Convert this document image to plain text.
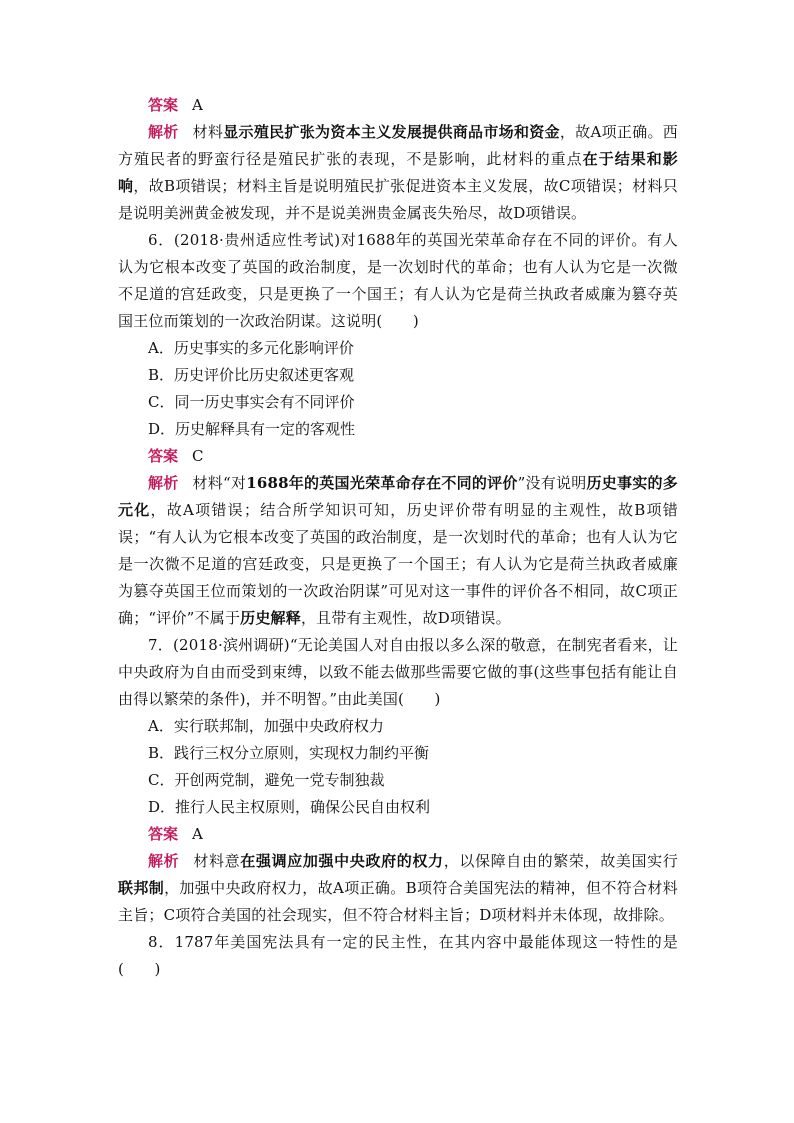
答案 A

解析 材料显示殖民扩张为资本主义发展提供商品市场和资金，故A项正确。西方殖民者的野蛮行径是殖民扩张的表现，不是影响，此材料的重点在于结果和影响，故B项错误；材料主旨是说明殖民扩张促进资本主义发展，故C项错误；材料只是说明美洲黄金被发现，并不是说美洲贵金属丧失殆尽，故D项错误。

6．(2018·贵州适应性考试)对1688年的英国光荣革命存在不同的评价。有人认为它根本改变了英国的政治制度，是一次划时代的革命；也有人认为它是一次微不足道的宫廷政变，只是更换了一个国王；有人认为它是荷兰执政者威廉为篡夺英国王位而策划的一次政治阴谋。这说明(　　)

A．历史事实的多元化影响评价

B．历史评价比历史叙述更客观

C．同一历史事实会有不同评价

D．历史解释具有一定的客观性

答案 C

解析 材料“对1688年的英国光荣革命存在不同的评价”没有说明历史事实的多元化，故A项错误；结合所学知识可知，历史评价带有明显的主观性，故B项错误；“有人认为它根本改变了英国的政治制度，是一次划时代的革命；也有人认为它是一次微不足道的宫廷政变，只是更换了一个国王；有人认为它是荷兰执政者威廉为篡夺英国王位而策划的一次政治阴谋”可见对这一事件的评价各不相同，故C项正确；“评价”不属于历史解释，且带有主观性，故D项错误。

7．(2018·滨州调研)“无论美国人对自由报以多么深的敬意，在制宪者看来，让中央政府为自由而受到束缚，以致不能去做那些需要它做的事(这些事包括有能让自由得以繁荣的条件)，并不明智。”由此美国(　　)

A．实行联邦制，加强中央政府权力

B．践行三权分立原则，实现权力制约平衡

C．开创两党制，避免一党专制独裁

D．推行人民主权原则，确保公民自由权利

答案 A

解析 材料意在强调应加强中央政府的权力，以保障自由的繁荣，故美国实行联邦制，加强中央政府权力，故A项正确。B项符合美国宪法的精神，但不符合材料主旨；C项符合美国的社会现实，但不符合材料主旨；D项材料并未体现，故排除。

8．1787年美国宪法具有一定的民主性，在其内容中最能体现这一特性的是(　　)
